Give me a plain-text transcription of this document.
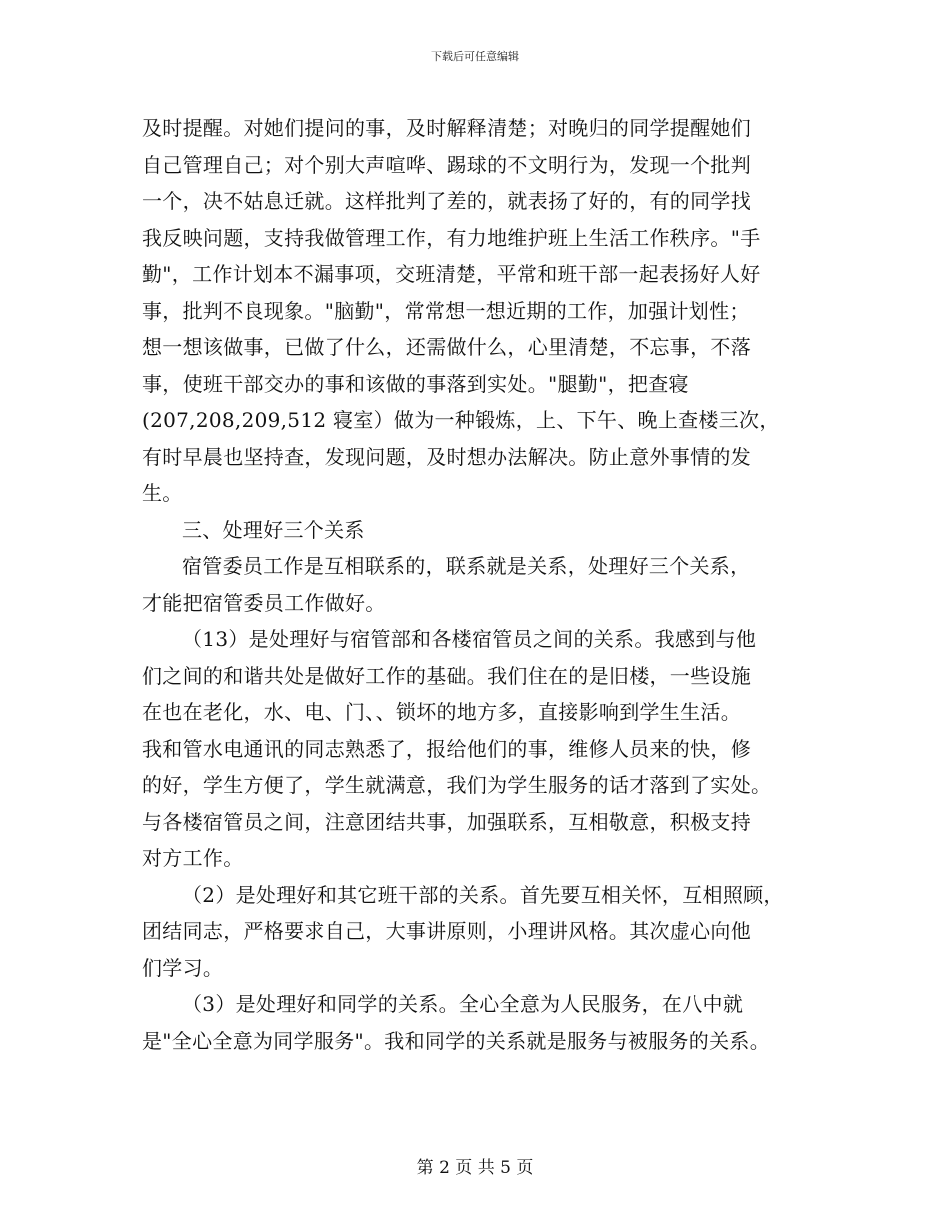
下载后可任意编辑
及时提醒。对她们提问的事，及时解释清楚；对晚归的同学提醒她们
自己管理自己；对个别大声喧哗、踢球的不文明行为，发现一个批判
一个，决不姑息迁就。这样批判了差的，就表扬了好的，有的同学找
我反映问题，支持我做管理工作，有力地维护班上生活工作秩序。"手
勤"，工作计划本不漏事项，交班清楚，平常和班干部一起表扬好人好
事，批判不良现象。"脑勤"，常常想一想近期的工作，加强计划性；
想一想该做事，已做了什么，还需做什么，心里清楚，不忘事，不落
事，使班干部交办的事和该做的事落到实处。"腿勤"，把查寝
(207,208,209,512 寝室）做为一种锻炼，上、下午、晚上查楼三次，
有时早晨也坚持查，发现问题，及时想办法解决。防止意外事情的发
生。
三、处理好三个关系
宿管委员工作是互相联系的，联系就是关系，处理好三个关系，
才能把宿管委员工作做好。
（13）是处理好与宿管部和各楼宿管员之间的关系。我感到与他
们之间的和谐共处是做好工作的基础。我们住在的是旧楼，一些设施
在也在老化，水、电、门、、锁坏的地方多，直接影响到学生生活。
我和管水电通讯的同志熟悉了，报给他们的事，维修人员来的快，修
的好，学生方便了，学生就满意，我们为学生服务的话才落到了实处。
与各楼宿管员之间，注意团结共事，加强联系，互相敬意，积极支持
对方工作。
（2）是处理好和其它班干部的关系。首先要互相关怀，互相照顾，
团结同志，严格要求自己，大事讲原则，小理讲风格。其次虚心向他
们学习。
（3）是处理好和同学的关系。全心全意为人民服务，在八中就
是"全心全意为同学服务"。我和同学的关系就是服务与被服务的关系。
第 2 页 共 5 页
